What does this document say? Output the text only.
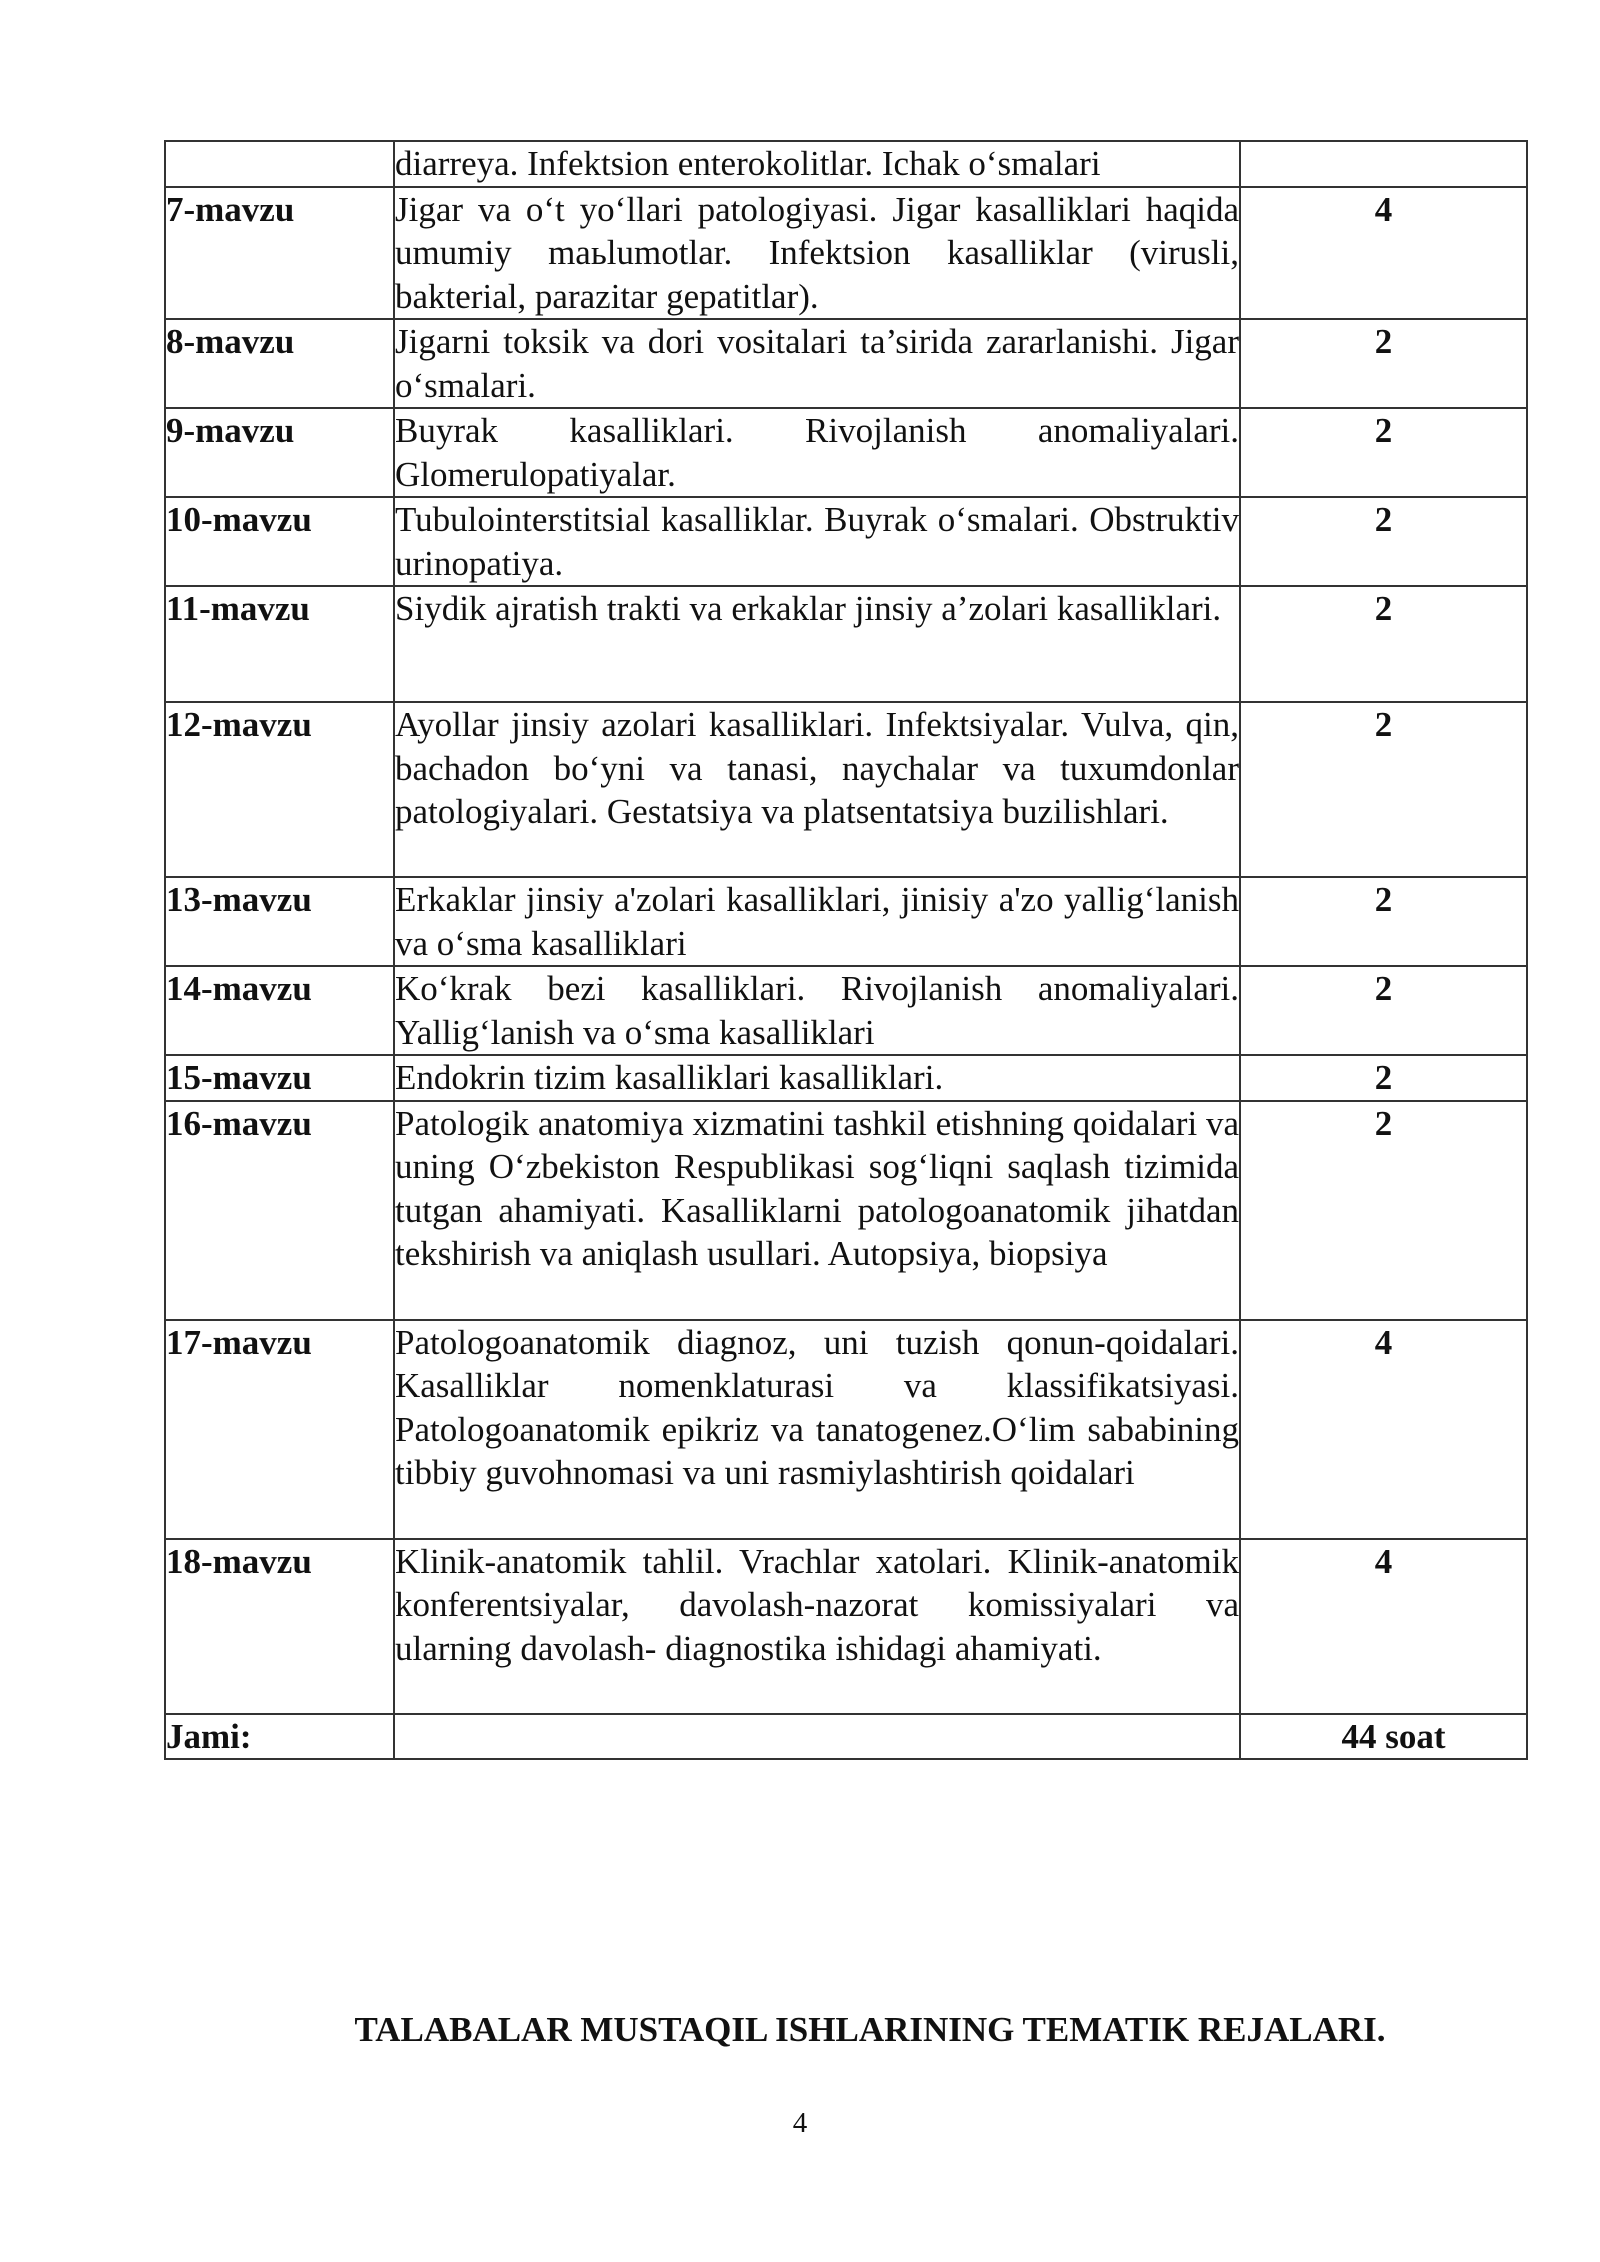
	diarreya. Infektsion enterokolitlar. Ichak o‘smalari	
7-mavzu	Jigar va o‘t yo‘llari patologiyasi. Jigar kasalliklari haqida umumiy maьlumotlar. Infektsion kasalliklar (virusli, bakterial, parazitar gepatitlar).	4
8-mavzu	Jigarni toksik va dori vositalari ta’sirida zararlanishi. Jigar o‘smalari.	2
9-mavzu	Buyrak kasalliklari. Rivojlanish anomaliyalari. Glomerulopatiyalar.	2
10-mavzu	Tubulointerstitsial kasalliklar. Buyrak o‘smalari. Obstruktiv urinopatiya.	2
11-mavzu	Siydik ajratish trakti va erkaklar jinsiy a’zolari kasalliklari.	2
12-mavzu	Ayollar jinsiy azolari kasalliklari. Infektsiyalar. Vulva, qin, bachadon bo‘yni va tanasi, naychalar va tuxumdonlar patologiyalari. Gestatsiya va platsentatsiya buzilishlari.	2
13-mavzu	Erkaklar jinsiy a'zolari kasalliklari, jinisiy a'zo yallig‘lanish va o‘sma kasalliklari	2
14-mavzu	Ko‘krak bezi kasalliklari. Rivojlanish anomaliyalari. Yallig‘lanish va o‘sma kasalliklari	2
15-mavzu	Endokrin tizim kasalliklari kasalliklari.	2
16-mavzu	Patologik anatomiya xizmatini tashkil etishning qoidalari va uning O‘zbekiston Respublikasi sog‘liqni saqlash tizimida tutgan ahamiyati. Kasalliklarni patologoanatomik jihatdan tekshirish va aniqlash usullari. Autopsiya, biopsiya	2
17-mavzu	Patologoanatomik diagnoz, uni tuzish qonun-qoidalari. Kasalliklar nomenklaturasi va klassifikatsiyasi. Patologoanatomik epikriz va tanatogenez.O‘lim sababining tibbiy guvohnomasi va uni rasmiylashtirish qoidalari	4
18-mavzu	Klinik-anatomik tahlil. Vrachlar xatolari. Klinik-anatomik konferentsiyalar, davolash-nazorat komissiyalari va ularning davolash- diagnostika ishidagi ahamiyati.	4
Jami:		44 soat
TALABALAR MUSTAQIL ISHLARINING TEMATIK REJALARI.
4
